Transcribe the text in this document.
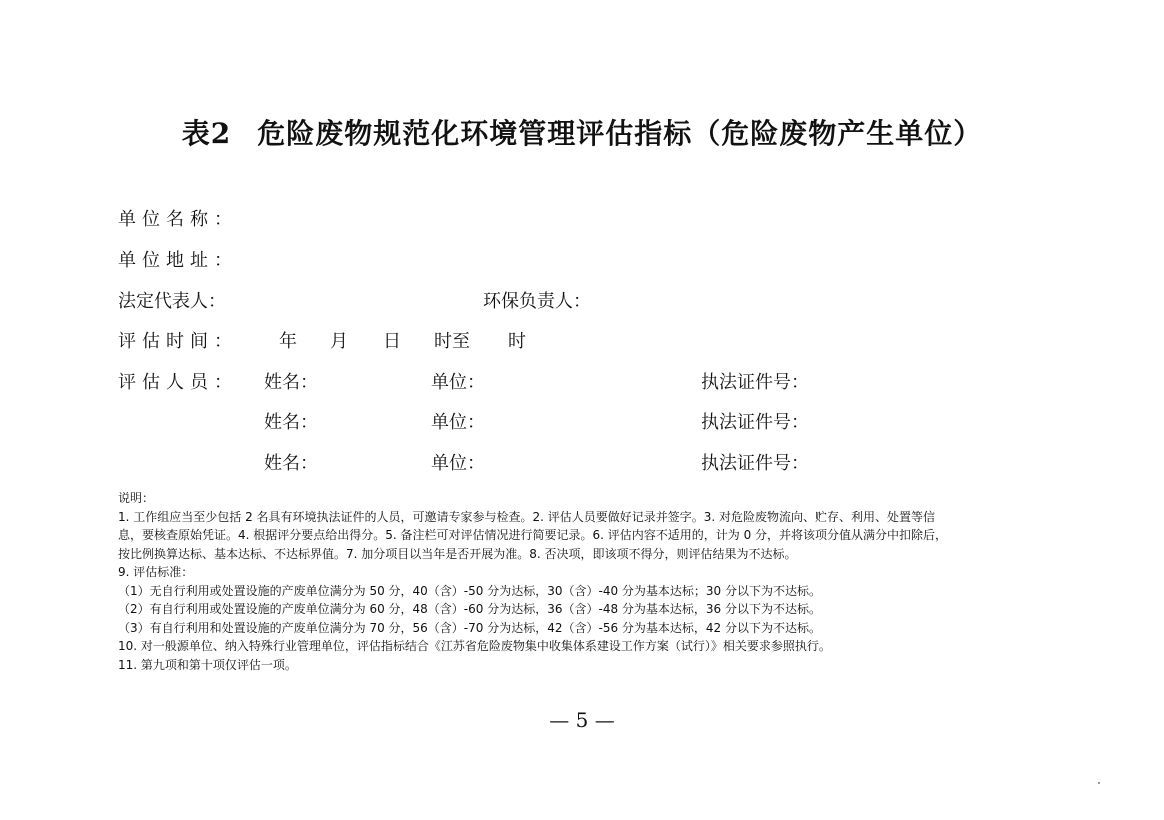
表2 危险废物规范化环境管理评估指标（危险废物产生单位）
单位名称：
单位地址：
法定代表人：	环保负责人：
评估时间： 年 月 日 时至 时
评估人员： 姓名：	单位：	执法证件号：
姓名：	单位：	执法证件号：
姓名：	单位：	执法证件号：

说明：

1. 工作组应当至少包括 2 名具有环境执法证件的人员，可邀请专家参与检查。2. 评估人员要做好记录并签字。3. 对危险废物流向、贮存、利用、处置等信

息，要核查原始凭证。4. 根据评分要点给出得分。5. 备注栏可对评估情况进行简要记录。6. 评估内容不适用的，计为 0 分，并将该项分值从满分中扣除后，

按比例换算达标、基本达标、不达标界值。7. 加分项目以当年是否开展为准。8. 否决项，即该项不得分，则评估结果为不达标。

9. 评估标准：

（1）无自行利用或处置设施的产废单位满分为 50 分，40（含）-50 分为达标，30（含）-40 分为基本达标；30 分以下为不达标。

（2）有自行利用或处置设施的产废单位满分为 60 分，48（含）-60 分为达标，36（含）-48 分为基本达标，36 分以下为不达标。

（3）有自行利用和处置设施的产废单位满分为 70 分，56（含）-70 分为达标，42（含）-56 分为基本达标，42 分以下为不达标。

10. 对一般源单位、纳入特殊行业管理单位，评估指标结合《江苏省危险废物集中收集体系建设工作方案（试行）》相关要求参照执行。

11. 第九项和第十项仅评估一项。

— 5 —
